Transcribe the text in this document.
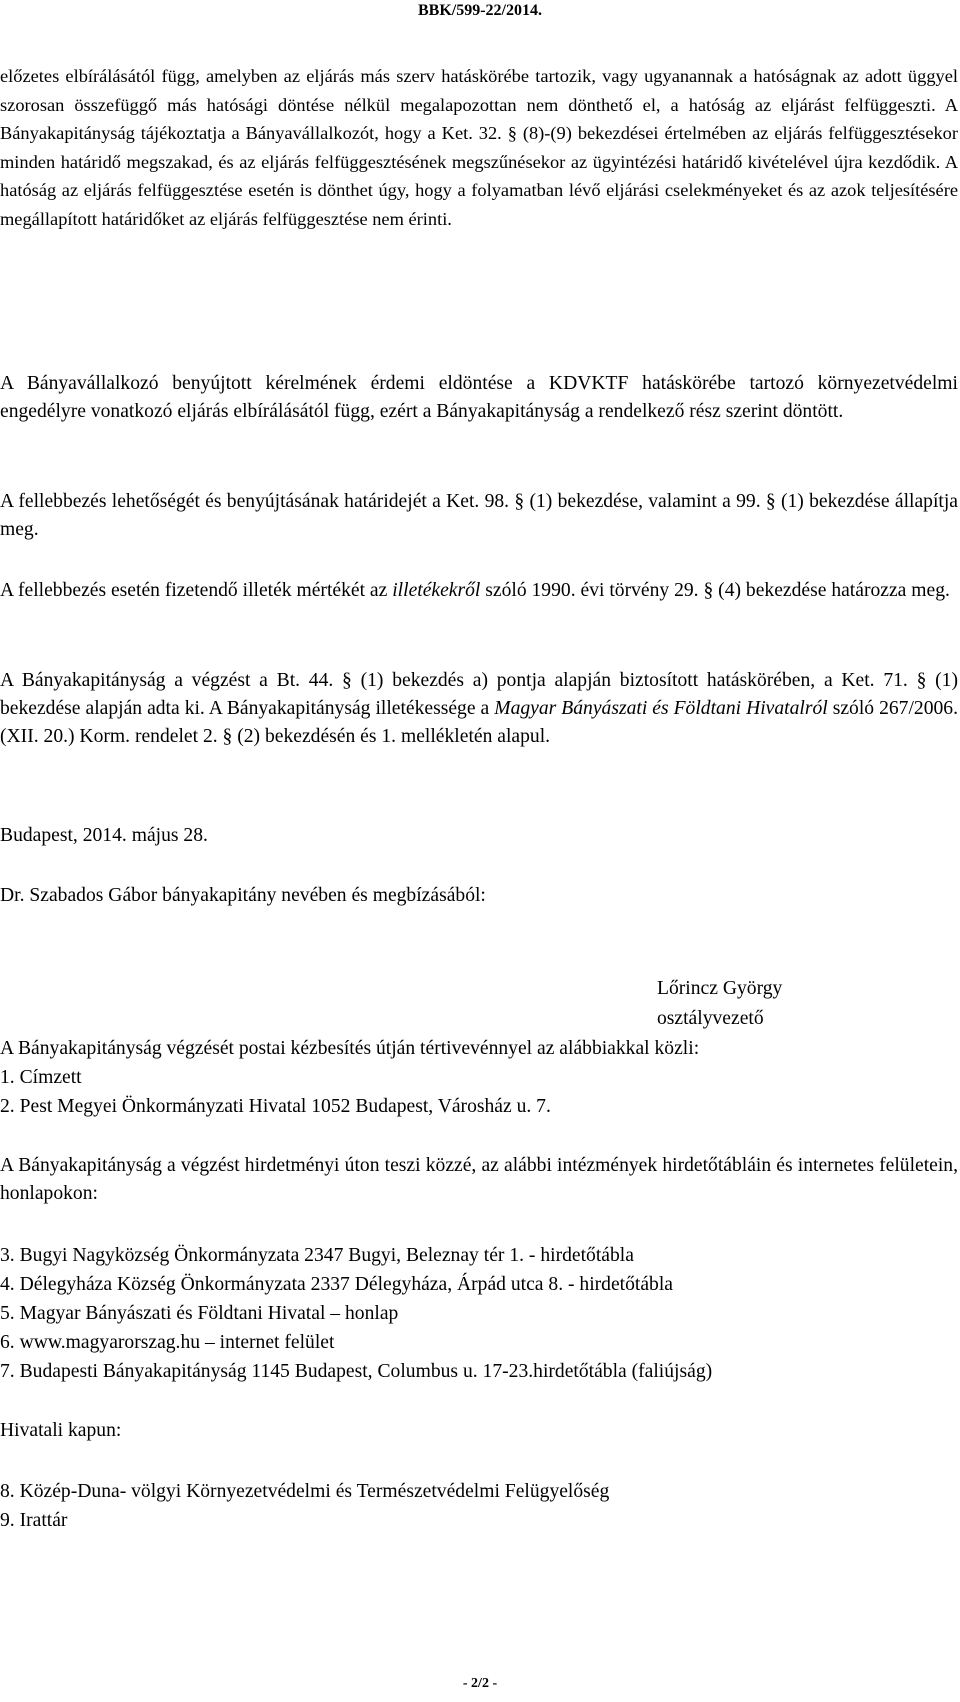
BBK/599-22/2014.

előzetes elbírálásától függ, amelyben az eljárás más szerv hatáskörébe tartozik, vagy ugyanannak a hatóságnak az adott üggyel szorosan összefüggő más hatósági döntése nélkül megalapozottan nem dönthető el, a hatóság az eljárást felfüggeszti. A Bányakapitányság tájékoztatja a Bányavállalkozót, hogy a Ket. 32. § (8)-(9) bekezdései értelmében az eljárás felfüggesztésekor minden határidő megszakad, és az eljárás felfüggesztésének megszűnésekor az ügyintézési határidő kivételével újra kezdődik. A hatóság az eljárás felfüggesztése esetén is dönthet úgy, hogy a folyamatban lévő eljárási cselekményeket és az azok teljesítésére megállapított határidőket az eljárás felfüggesztése nem érinti.

A Bányavállalkozó benyújtott kérelmének érdemi eldöntése a KDVKTF hatáskörébe tartozó környezetvédelmi engedélyre vonatkozó eljárás elbírálásától függ, ezért a Bányakapitányság a rendelkező rész szerint döntött.

A fellebbezés lehetőségét és benyújtásának határidejét a Ket. 98. § (1) bekezdése, valamint a 99. § (1) bekezdése állapítja meg.

A fellebbezés esetén fizetendő illeték mértékét az illetékekről szóló 1990. évi törvény 29. § (4) bekezdése határozza meg.

A Bányakapitányság a végzést a Bt. 44. § (1) bekezdés a) pontja alapján biztosított hatáskörében, a Ket. 71. § (1) bekezdése alapján adta ki. A Bányakapitányság illetékessége a Magyar Bányászati és Földtani Hivatalról szóló 267/2006. (XII. 20.) Korm. rendelet 2. § (2) bekezdésén és 1. mellékletén alapul.

Budapest, 2014. május 28.
Dr. Szabados Gábor bányakapitány nevében és megbízásából:
Lőrincz György
osztályvezető
A Bányakapitányság végzését postai kézbesítés útján tértivevénnyel az alábbiakkal közli:
1. Címzett
2. Pest Megyei Önkormányzati Hivatal 1052 Budapest, Városház u. 7.

A Bányakapitányság a végzést hirdetményi úton teszi közzé, az alábbi intézmények hirdetőtábláin és internetes felületein, honlapokon:

3. Bugyi Nagyközség Önkormányzata 2347 Bugyi, Beleznay tér 1. - hirdetőtábla
4. Délegyháza Község Önkormányzata 2337 Délegyháza, Árpád utca 8. - hirdetőtábla
5. Magyar Bányászati és Földtani Hivatal – honlap
6. www.magyarorszag.hu – internet felület
7. Budapesti Bányakapitányság 1145 Budapest, Columbus u. 17-23.hirdetőtábla (faliújság)
Hivatali kapun:
8. Közép-Duna- völgyi Környezetvédelmi és Természetvédelmi Felügyelőség
9. Irattár
- 2/2 -
